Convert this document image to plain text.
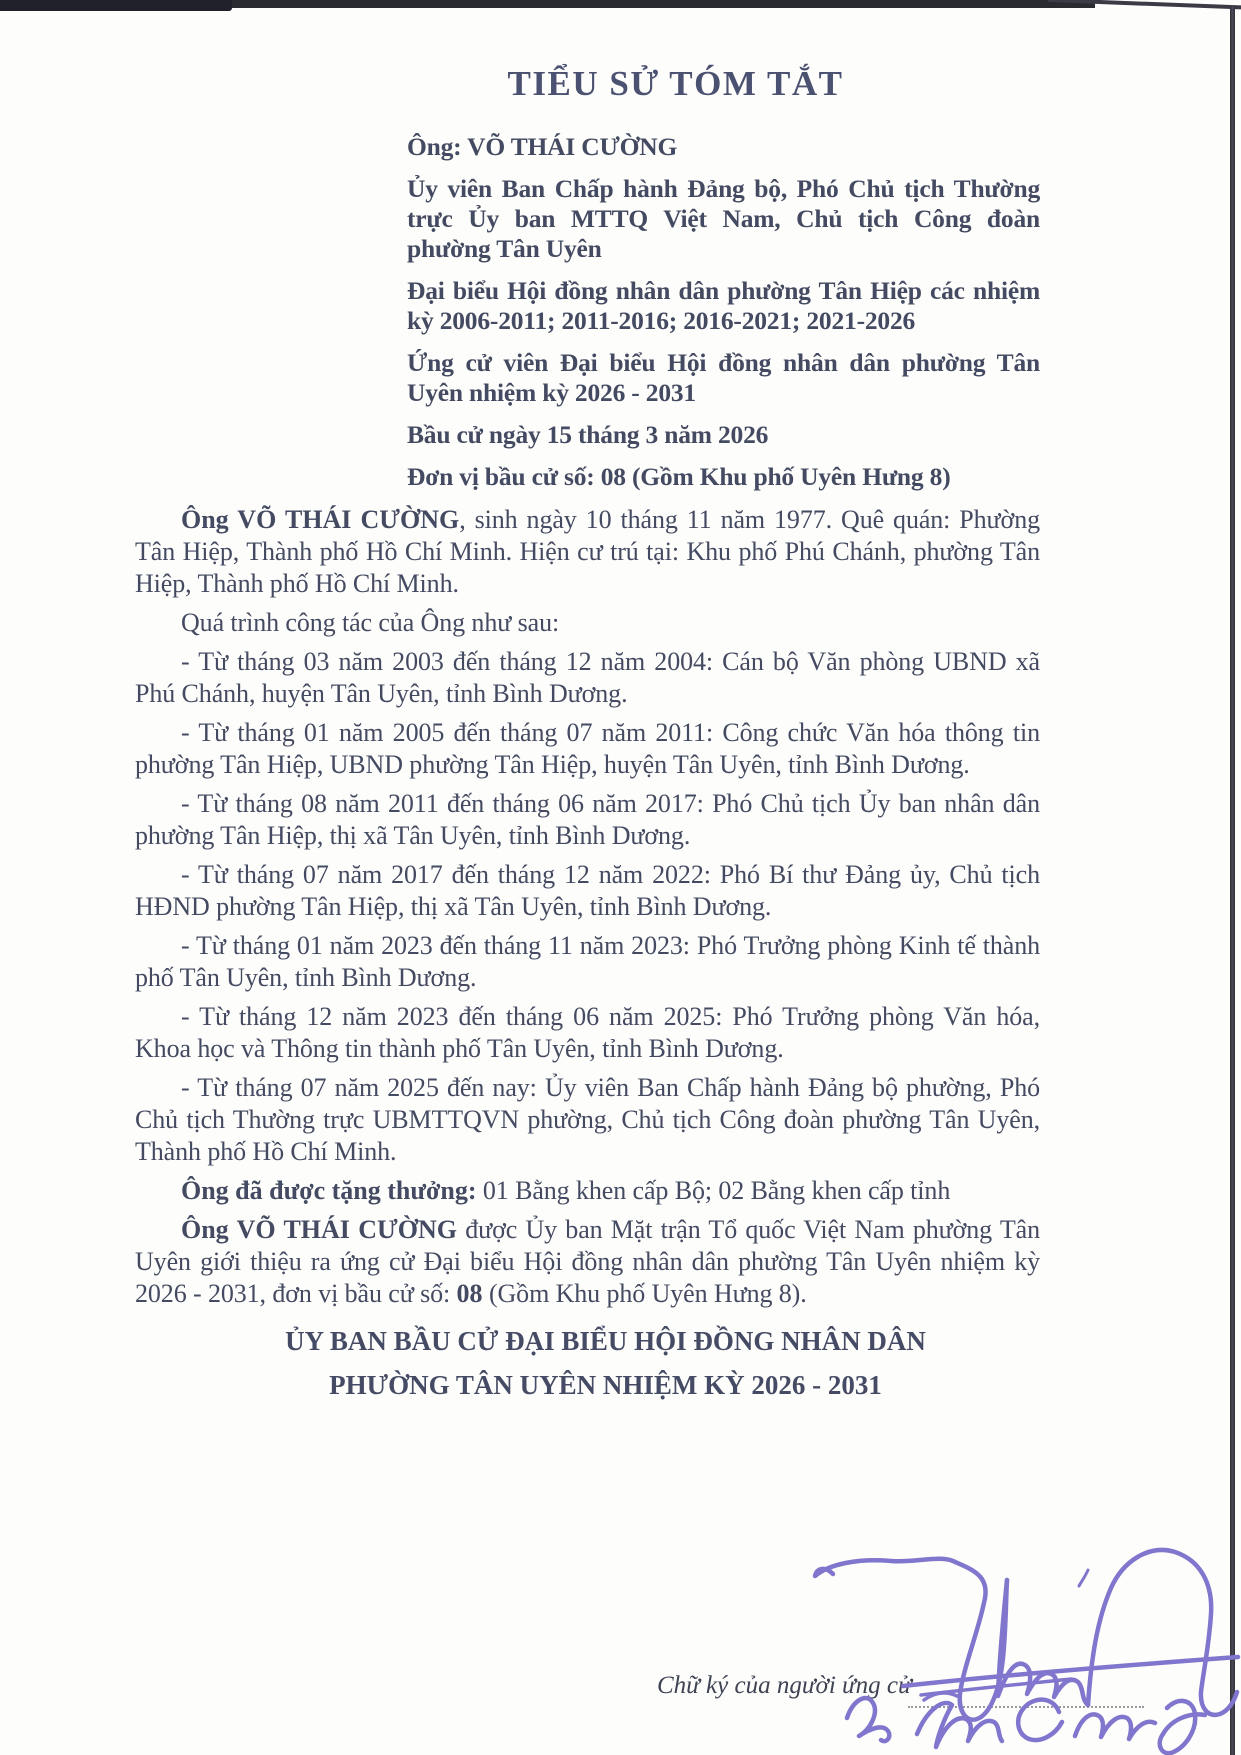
TIỂU SỬ TÓM TẮT

Ông: VÕ THÁI CƯỜNG

Ủy viên Ban Chấp hành Đảng bộ, Phó Chủ tịch Thường trực Ủy ban MTTQ Việt Nam, Chủ tịch Công đoàn phường Tân Uyên

Đại biểu Hội đồng nhân dân phường Tân Hiệp các nhiệm kỳ 2006-2011; 2011-2016; 2016-2021; 2021-2026

Ứng cử viên Đại biểu Hội đồng nhân dân phường Tân Uyên nhiệm kỳ 2026 - 2031

Bầu cử ngày 15 tháng 3 năm 2026

Đơn vị bầu cử số: 08 (Gồm Khu phố Uyên Hưng 8)

Ông VÕ THÁI CƯỜNG, sinh ngày 10 tháng 11 năm 1977. Quê quán: Phường Tân Hiệp, Thành phố Hồ Chí Minh. Hiện cư trú tại: Khu phố Phú Chánh, phường Tân Hiệp, Thành phố Hồ Chí Minh.

Quá trình công tác của Ông như sau:

- Từ tháng 03 năm 2003 đến tháng 12 năm 2004: Cán bộ Văn phòng UBND xã Phú Chánh, huyện Tân Uyên, tỉnh Bình Dương.

- Từ tháng 01 năm 2005 đến tháng 07 năm 2011: Công chức Văn hóa thông tin phường Tân Hiệp, UBND phường Tân Hiệp, huyện Tân Uyên, tỉnh Bình Dương.

- Từ tháng 08 năm 2011 đến tháng 06 năm 2017: Phó Chủ tịch Ủy ban nhân dân phường Tân Hiệp, thị xã Tân Uyên, tỉnh Bình Dương.

- Từ tháng 07 năm 2017 đến tháng 12 năm 2022: Phó Bí thư Đảng ủy, Chủ tịch HĐND phường Tân Hiệp, thị xã Tân Uyên, tỉnh Bình Dương.

- Từ tháng 01 năm 2023 đến tháng 11 năm 2023: Phó Trưởng phòng Kinh tế thành phố Tân Uyên, tỉnh Bình Dương.

- Từ tháng 12 năm 2023 đến tháng 06 năm 2025: Phó Trưởng phòng Văn hóa, Khoa học và Thông tin thành phố Tân Uyên, tỉnh Bình Dương.

- Từ tháng 07 năm 2025 đến nay: Ủy viên Ban Chấp hành Đảng bộ phường, Phó Chủ tịch Thường trực UBMTTQVN phường, Chủ tịch Công đoàn phường Tân Uyên, Thành phố Hồ Chí Minh.

Ông đã được tặng thưởng: 01 Bằng khen cấp Bộ; 02 Bằng khen cấp tỉnh

Ông VÕ THÁI CƯỜNG được Ủy ban Mặt trận Tổ quốc Việt Nam phường Tân Uyên giới thiệu ra ứng cử Đại biểu Hội đồng nhân dân phường Tân Uyên nhiệm kỳ 2026 - 2031, đơn vị bầu cử số: 08 (Gồm Khu phố Uyên Hưng 8).

ỦY BAN BẦU CỬ ĐẠI BIỂU HỘI ĐỒNG NHÂN DÂN

PHƯỜNG TÂN UYÊN NHIỆM KỲ 2026 - 2031

Chữ ký của người ứng cử
